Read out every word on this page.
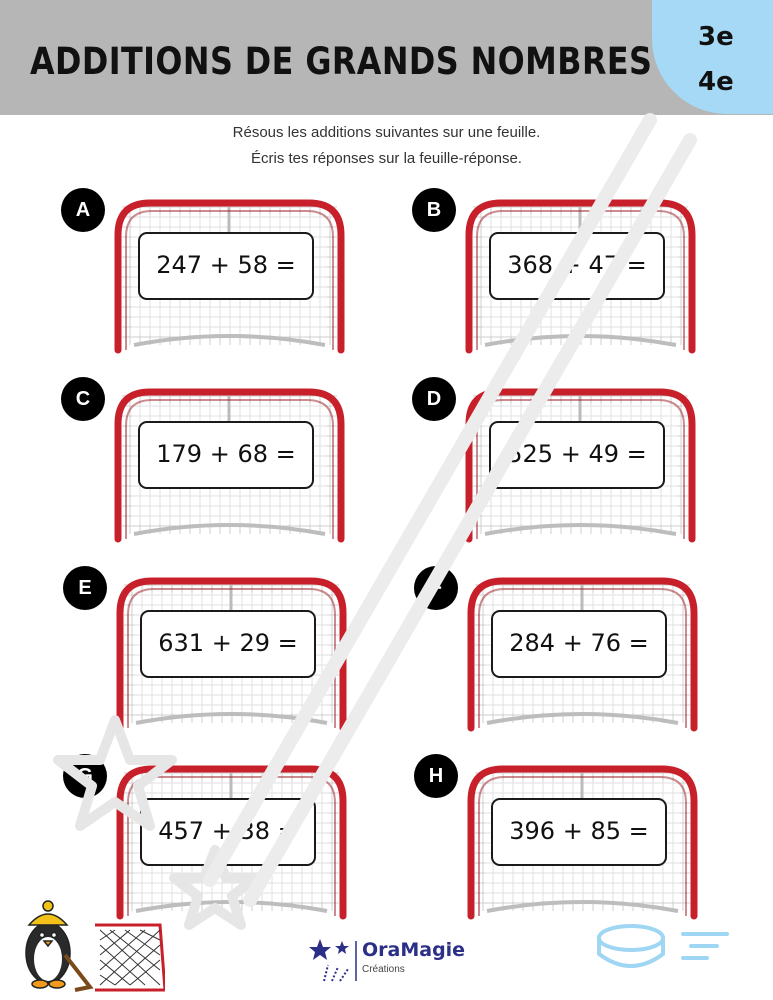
ADDITIONS DE GRANDS NOMBRES
3e
4e
Résous les additions suivantes sur une feuille.
Écris tes réponses sur la feuille-réponse.
247 + 58 =
A
368 + 47 =
B
179 + 68 =
C
525 + 49 =
D
631 + 29 =
E
284 + 76 =
F
457 + 38 =
G
396 + 85 =
H
OraMagie
Créations
